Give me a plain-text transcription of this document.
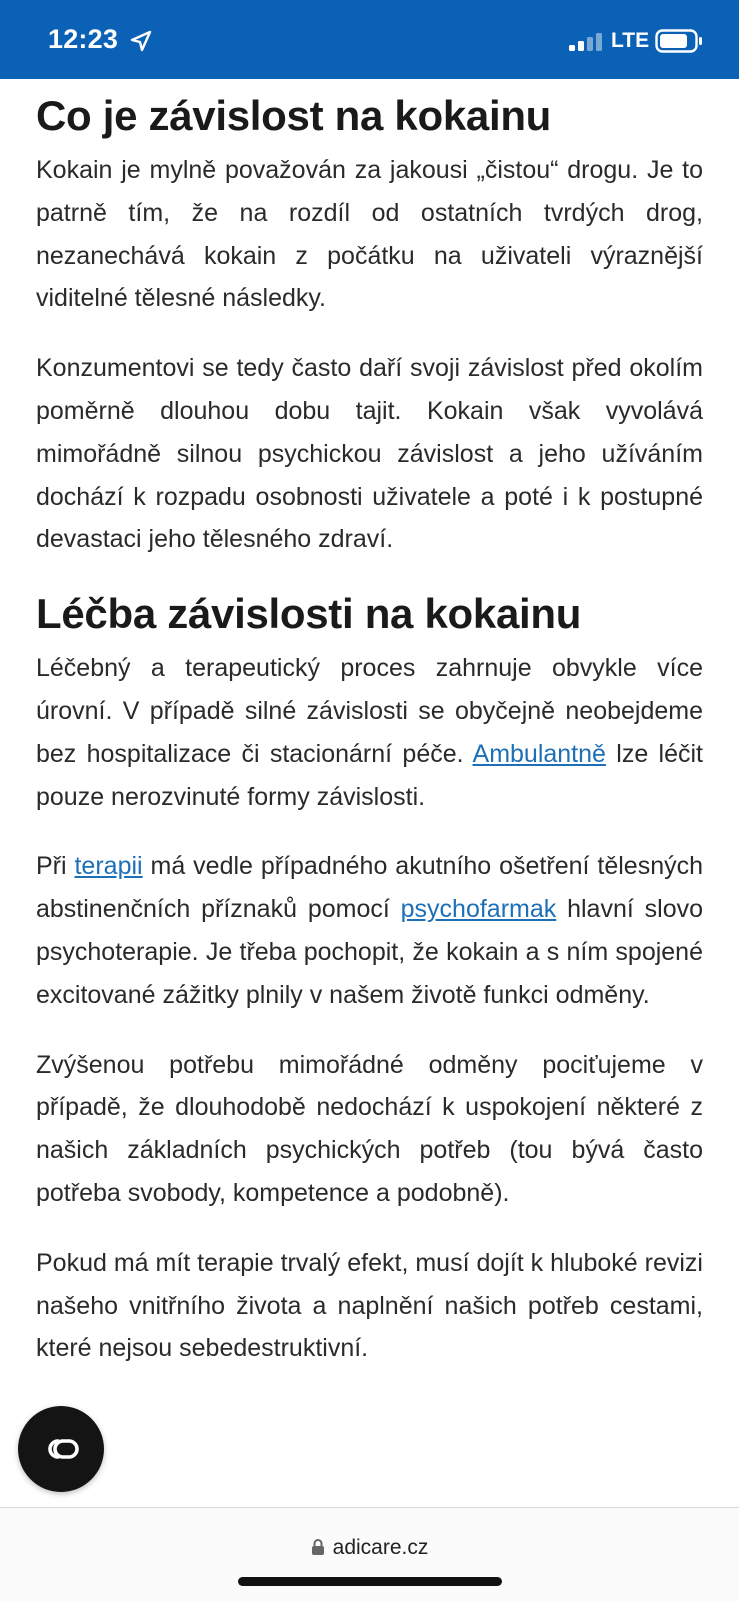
12:23	LTE
Co je závislost na kokainu

Kokain je mylně považován za jakousi „čistou“ drogu. Je to patrně tím, že na rozdíl od ostatních tvrdých drog, nezanechává kokain z počátku na uživateli výraznější viditelné tělesné následky.

Konzumentovi se tedy často daří svoji závislost před okolím poměrně dlouhou dobu tajit. Kokain však vyvolává mimořádně silnou psychickou závislost a jeho užíváním dochází k rozpadu osobnosti uživatele a poté i k postupné devastaci jeho tělesného zdraví.

Léčba závislosti na kokainu

Léčebný a terapeutický proces zahrnuje obvykle více úrovní. V případě silné závislosti se obyčejně neobejdeme bez hospitalizace či stacionární péče. Ambulantně lze léčit pouze nerozvinuté formy závislosti.

Při terapii má vedle případného akutního ošetření tělesných abstinenčních příznaků pomocí psychofarmak hlavní slovo psychoterapie. Je třeba pochopit, že kokain a s ním spojené excitované zážitky plnily v našem životě funkci odměny.

Zvýšenou potřebu mimořádné odměny pociťujeme v případě, že dlouhodobě nedochází k uspokojení některé z našich základních psychických potřeb (tou bývá často potřeba svobody, kompetence a podobně).

Pokud má mít terapie trvalý efekt, musí dojít k hluboké revizi našeho vnitřního života a naplnění našich potřeb cestami, které nejsou sebedestruktivní.

adicare.cz
